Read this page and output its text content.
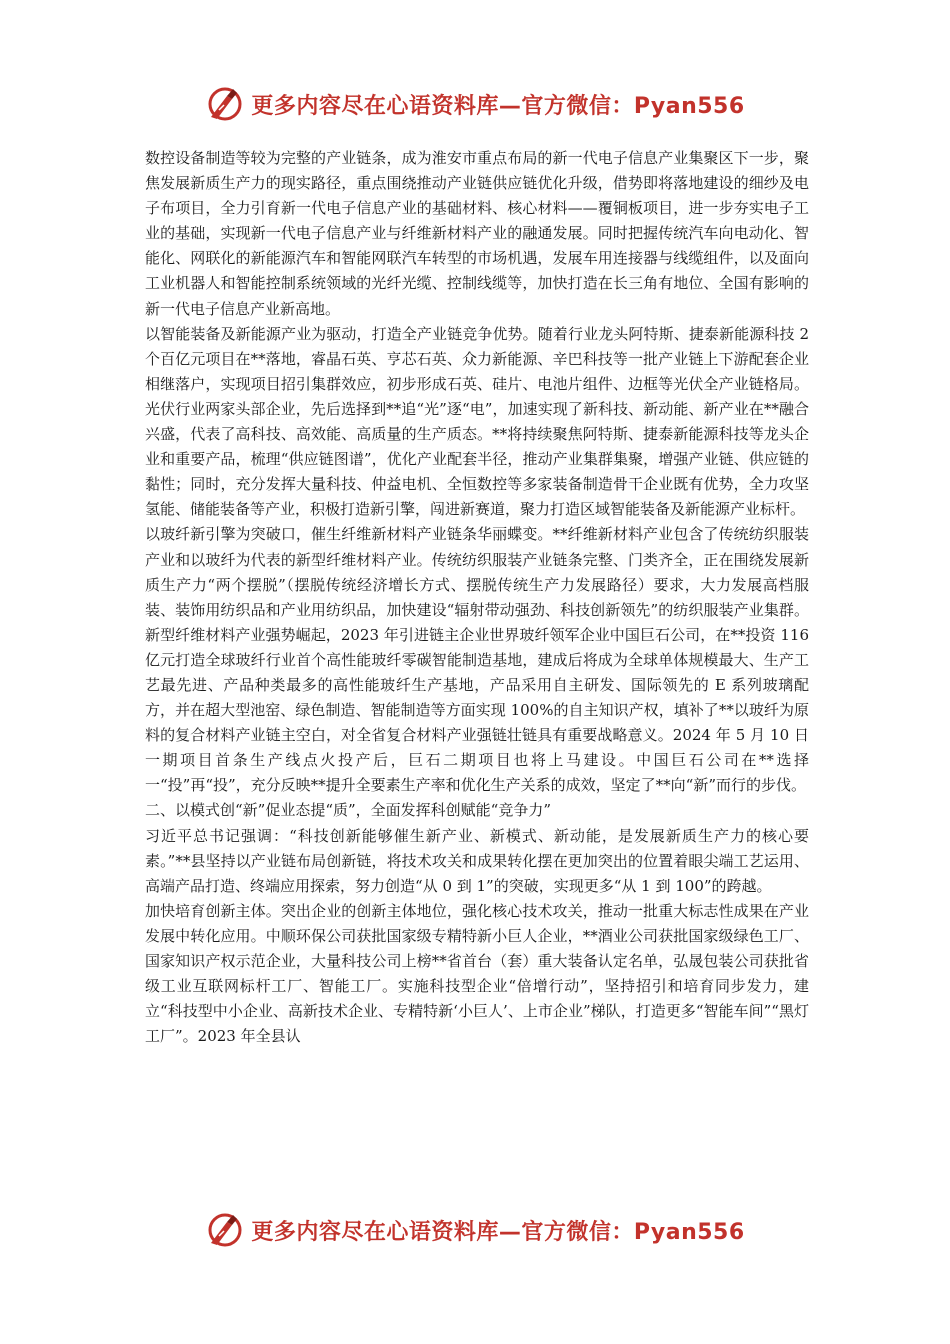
更多内容尽在心语资料库—官方微信：Pyan556

数控设备制造等较为完整的产业链条，成为淮安市重点布局的新一代电子信息产业集聚区下一步，聚焦发展新质生产力的现实路径，重点围绕推动产业链供应链优化升级，借势即将落地建设的细纱及电子布项目，全力引育新一代电子信息产业的基础材料、核心材料——覆铜板项目，进一步夯实电子工业的基础，实现新一代电子信息产业与纤维新材料产业的融通发展。同时把握传统汽车向电动化、智能化、网联化的新能源汽车和智能网联汽车转型的市场机遇，发展车用连接器与线缆组件，以及面向工业机器人和智能控制系统领域的光纤光缆、控制线缆等，加快打造在长三角有地位、全国有影响的新一代电子信息产业新高地。

以智能装备及新能源产业为驱动，打造全产业链竞争优势。随着行业龙头阿特斯、捷泰新能源科技 2 个百亿元项目在**落地，睿晶石英、亨芯石英、众力新能源、辛巴科技等一批产业链上下游配套企业相继落户，实现项目招引集群效应，初步形成石英、硅片、电池片组件、边框等光伏全产业链格局。光伏行业两家头部企业，先后选择到**追“光”逐“电”，加速实现了新科技、新动能、新产业在**融合兴盛，代表了高科技、高效能、高质量的生产质态。**将持续聚焦阿特斯、捷泰新能源科技等龙头企业和重要产品，梳理“供应链图谱”，优化产业配套半径，推动产业集群集聚，增强产业链、供应链的黏性；同时，充分发挥大量科技、仲益电机、全恒数控等多家装备制造骨干企业既有优势，全力攻坚氢能、储能装备等产业，积极打造新引擎，闯进新赛道，聚力打造区域智能装备及新能源产业标杆。

以玻纤新引擎为突破口，催生纤维新材料产业链条华丽蝶变。**纤维新材料产业包含了传统纺织服装产业和以玻纤为代表的新型纤维材料产业。传统纺织服装产业链条完整、门类齐全，正在围绕发展新质生产力“两个摆脱”（摆脱传统经济增长方式、摆脱传统生产力发展路径）要求，大力发展高档服装、装饰用纺织品和产业用纺织品，加快建设“辐射带动强劲、科技创新领先”的纺织服装产业集群。新型纤维材料产业强势崛起，2023 年引进链主企业世界玻纤领军企业中国巨石公司，在**投资 116 亿元打造全球玻纤行业首个高性能玻纤零碳智能制造基地，建成后将成为全球单体规模最大、生产工艺最先进、产品种类最多的高性能玻纤生产基地，产品采用自主研发、国际领先的 E 系列玻璃配方，并在超大型池窑、绿色制造、智能制造等方面实现 100%的自主知识产权，填补了**以玻纤为原料的复合材料产业链主空白，对全省复合材料产业强链壮链具有重要战略意义。2024 年 5 月 10 日一期项目首条生产线点火投产后，巨石二期项目也将上马建设。中国巨石公司在**选择一“投”再“投”，充分反映**提升全要素生产率和优化生产关系的成效，坚定了**向“新”而行的步伐。

二、以模式创“新”促业态提“质”，全面发挥科创赋能“竞争力”

习近平总书记强调：“科技创新能够催生新产业、新模式、新动能，是发展新质生产力的核心要素。”**县坚持以产业链布局创新链，将技术攻关和成果转化摆在更加突出的位置着眼尖端工艺运用、高端产品打造、终端应用探索，努力创造“从 0 到 1”的突破，实现更多“从 1 到 100”的跨越。

加快培育创新主体。突出企业的创新主体地位，强化核心技术攻关，推动一批重大标志性成果在产业发展中转化应用。中顺环保公司获批国家级专精特新小巨人企业，**酒业公司获批国家级绿色工厂、国家知识产权示范企业，大量科技公司上榜**省首台（套）重大装备认定名单，弘晟包装公司获批省级工业互联网标杆工厂、智能工厂。实施科技型企业“倍增行动”，坚持招引和培育同步发力，建立“科技型中小企业、高新技术企业、专精特新‘小巨人’、上市企业”梯队，打造更多“智能车间”“黑灯工厂”。2023 年全县认

更多内容尽在心语资料库—官方微信：Pyan556
